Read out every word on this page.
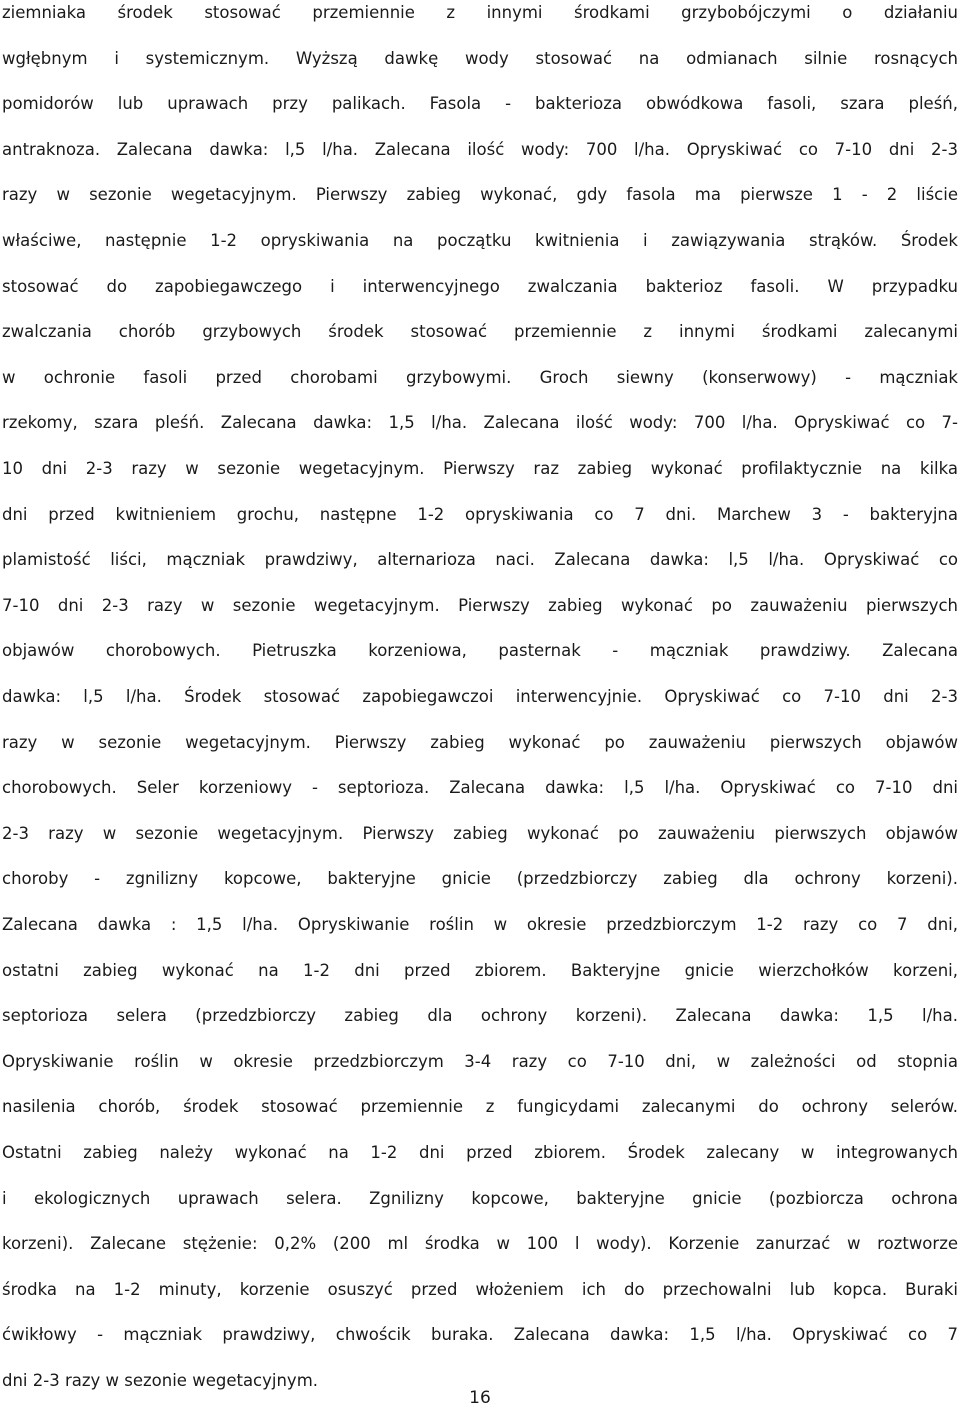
ziemniaka środek stosować przemiennie z innymi środkami grzybobójczymi o działaniu
wgłębnym i systemicznym. Wyższą dawkę wody stosować na odmianach silnie rosnących
pomidorów lub uprawach przy palikach. Fasola - bakterioza obwódkowa fasoli, szara pleśń,
antraknoza. Zalecana dawka: l,5 l/ha. Zalecana ilość wody: 700 l/ha. Opryskiwać co 7-10 dni 2-3
razy w sezonie wegetacyjnym. Pierwszy zabieg wykonać, gdy fasola ma pierwsze 1 - 2 liście
właściwe, następnie 1-2 opryskiwania na początku kwitnienia i zawiązywania strąków. Środek
stosować do zapobiegawczego i interwencyjnego zwalczania bakterioz fasoli. W przypadku
zwalczania chorób grzybowych środek stosować przemiennie z innymi środkami zalecanymi
w ochronie fasoli przed chorobami grzybowymi. Groch siewny (konserwowy) - mączniak
rzekomy, szara pleśń. Zalecana dawka: 1,5 l/ha. Zalecana ilość wody: 700 l/ha. Opryskiwać co 7-
10 dni 2-3 razy w sezonie wegetacyjnym. Pierwszy raz zabieg wykonać profilaktycznie na kilka
dni przed kwitnieniem grochu, następne 1-2 opryskiwania co 7 dni. Marchew 3 - bakteryjna
plamistość liści, mączniak prawdziwy, alternarioza naci. Zalecana dawka: l,5 l/ha. Opryskiwać co
7-10 dni 2-3 razy w sezonie wegetacyjnym. Pierwszy zabieg wykonać po zauważeniu pierwszych
objawów chorobowych. Pietruszka korzeniowa, pasternak - mączniak prawdziwy. Zalecana
dawka: l,5 l/ha. Środek stosować zapobiegawczoi interwencyjnie. Opryskiwać co 7-10 dni 2-3
razy w sezonie wegetacyjnym. Pierwszy zabieg wykonać po zauważeniu pierwszych objawów
chorobowych. Seler korzeniowy - septorioza. Zalecana dawka: l,5 l/ha. Opryskiwać co 7-10 dni
2-3 razy w sezonie wegetacyjnym. Pierwszy zabieg wykonać po zauważeniu pierwszych objawów
choroby - zgnilizny kopcowe, bakteryjne gnicie (przedzbiorczy zabieg dla ochrony korzeni).
Zalecana dawka : 1,5 l/ha. Opryskiwanie roślin w okresie przedzbiorczym 1-2 razy co 7 dni,
ostatni zabieg wykonać na 1-2 dni przed zbiorem. Bakteryjne gnicie wierzchołków korzeni,
septorioza selera (przedzbiorczy zabieg dla ochrony korzeni). Zalecana dawka: 1,5 l/ha.
Opryskiwanie roślin w okresie przedzbiorczym 3-4 razy co 7-10 dni, w zależności od stopnia
nasilenia chorób, środek stosować przemiennie z fungicydami zalecanymi do ochrony selerów.
Ostatni zabieg należy wykonać na 1-2 dni przed zbiorem. Środek zalecany w integrowanych
i ekologicznych uprawach selera. Zgnilizny kopcowe, bakteryjne gnicie (pozbiorcza ochrona
korzeni). Zalecane stężenie: 0,2% (200 ml środka w 100 l wody). Korzenie zanurzać w roztworze
środka na 1-2 minuty, korzenie osuszyć przed włożeniem ich do przechowalni lub kopca. Buraki
ćwikłowy - mączniak prawdziwy, chwościk buraka. Zalecana dawka: 1,5 l/ha. Opryskiwać co 7
dni 2-3 razy w sezonie wegetacyjnym.
16
